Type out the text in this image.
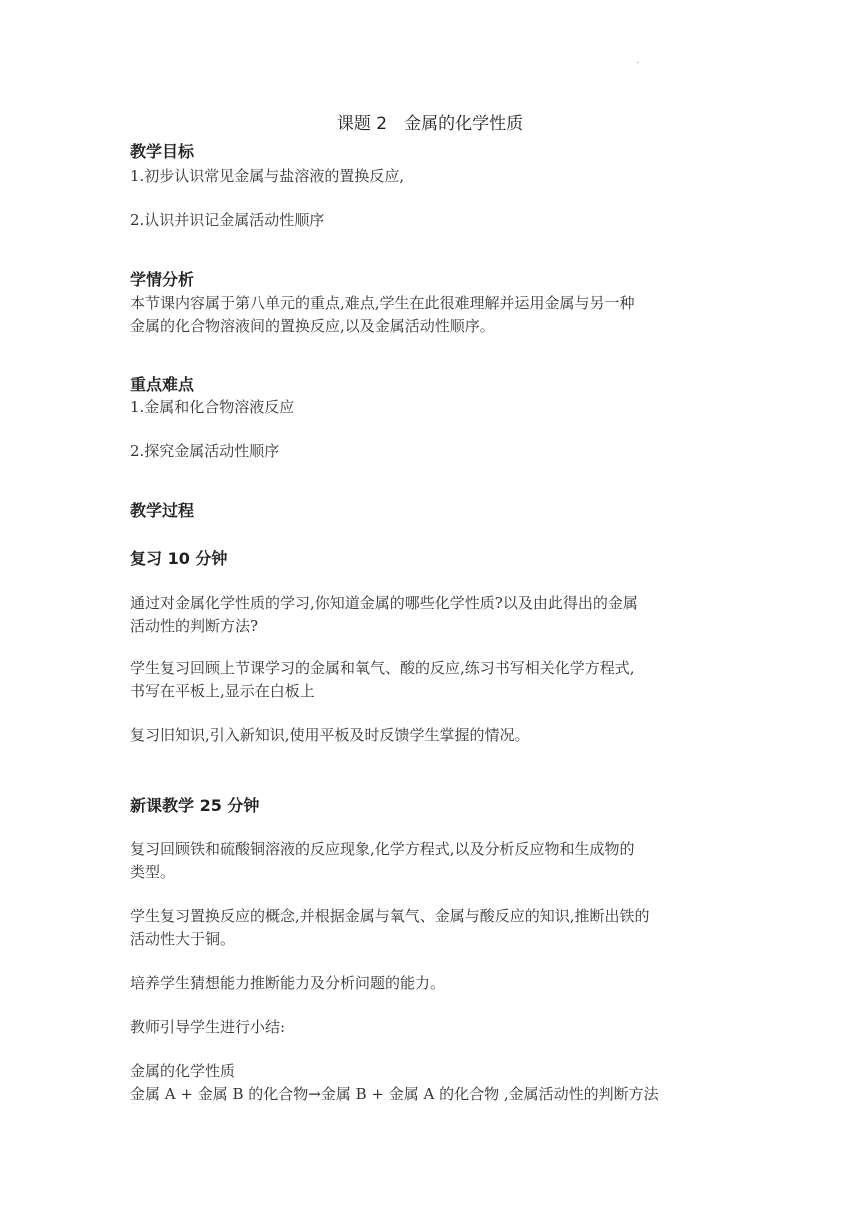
·
课题 2　金属的化学性质
教学目标
1.初步认识常见金属与盐溶液的置换反应,
2.认识并识记金属活动性顺序
学情分析
本节课内容属于第八单元的重点,难点,学生在此很难理解并运用金属与另一种
金属的化合物溶液间的置换反应,以及金属活动性顺序。
重点难点
1.金属和化合物溶液反应
2.探究金属活动性顺序
教学过程
复习 10 分钟
通过对金属化学性质的学习,你知道金属的哪些化学性质?以及由此得出的金属
活动性的判断方法?
学生复习回顾上节课学习的金属和氧气、酸的反应,练习书写相关化学方程式,
书写在平板上,显示在白板上
复习旧知识,引入新知识,使用平板及时反馈学生掌握的情况。
新课教学 25 分钟
复习回顾铁和硫酸铜溶液的反应现象,化学方程式,以及分析反应物和生成物的
类型。
学生复习置换反应的概念,并根据金属与氧气、金属与酸反应的知识,推断出铁的
活动性大于铜。
培养学生猜想能力推断能力及分析问题的能力。
教师引导学生进行小结:
金属的化学性质
金属 A + 金属 B 的化合物→金属 B + 金属 A 的化合物 ,金属活动性的判断方法
